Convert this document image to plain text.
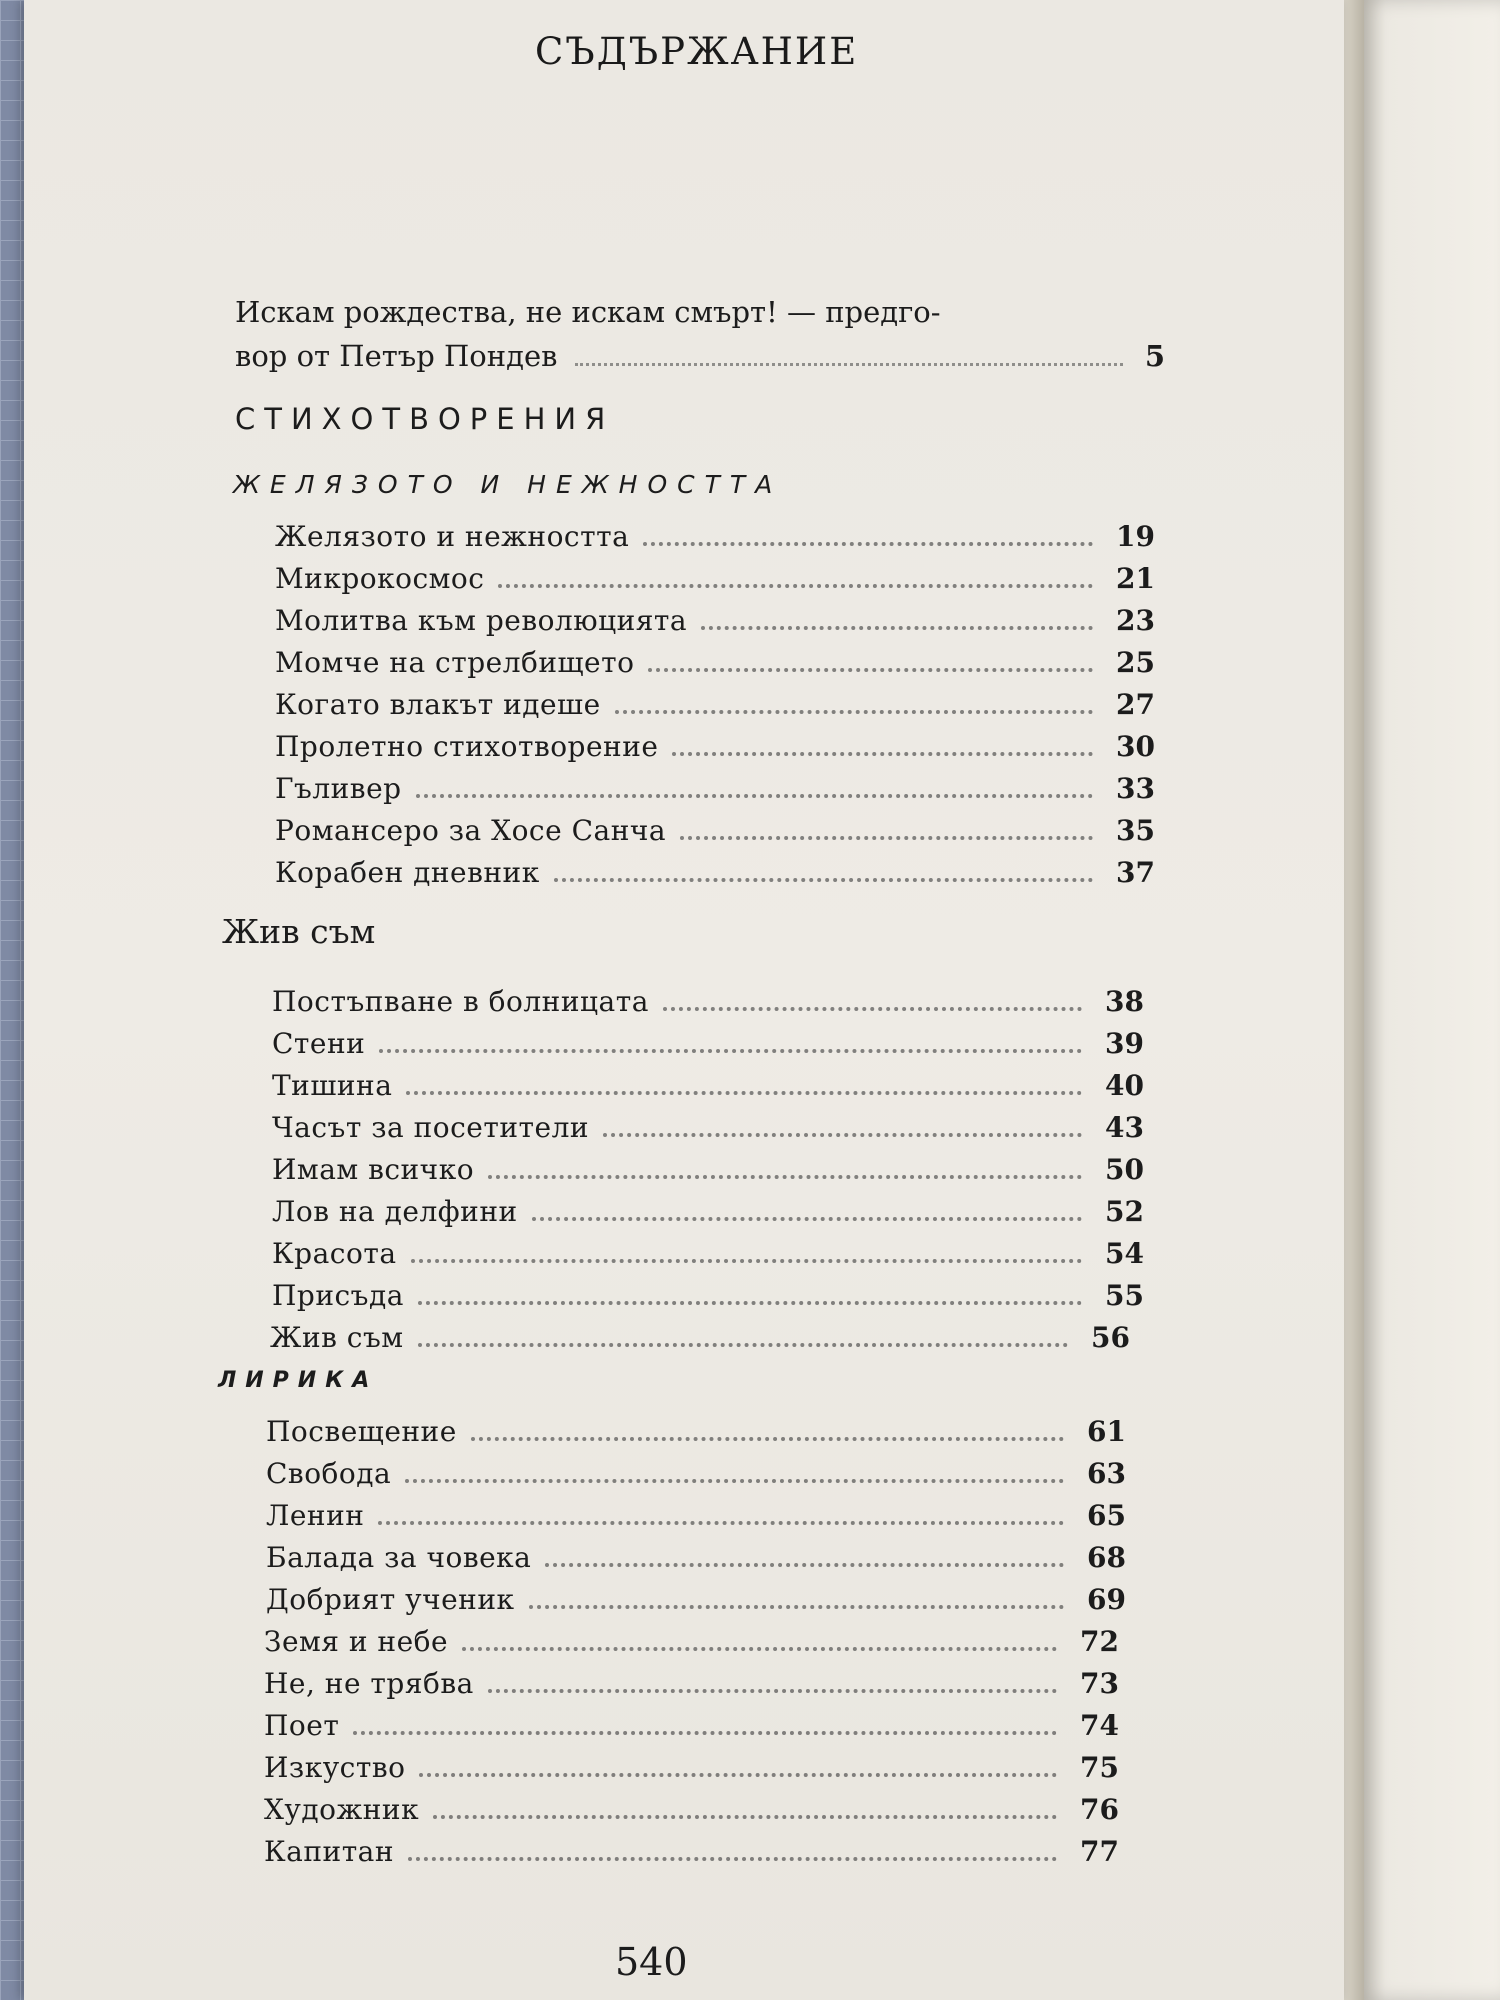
СЪДЪРЖАНИЕ
Искам рождества, не искам смърт! — предго-
вор от Петър Пондев	5
СТИХОТВОРЕНИЯ
ЖЕЛЯЗОТО И НЕЖНОСТТА
Жив съм
ЛИРИКА
Желязото и нежността	19
Микрокосмос	21
Молитва към революцията	23
Момче на стрелбището	25
Когато влакът идеше	27
Пролетно стихотворение	30
Гъливер	33
Романсеро за Хосе Санча	35
Корабен дневник	37
Постъпване в болницата	38
Стени	39
Тишина	40
Часът за посетители	43
Имам всичко	50
Лов на делфини	52
Красота	54
Присъда	55
Жив съм	56
Посвещение	61
Свобода	63
Ленин	65
Балада за човека	68
Добрият ученик	69
Земя и небе	72
Не, не трябва	73
Поет	74
Изкуство	75
Художник	76
Капитан	77
540
